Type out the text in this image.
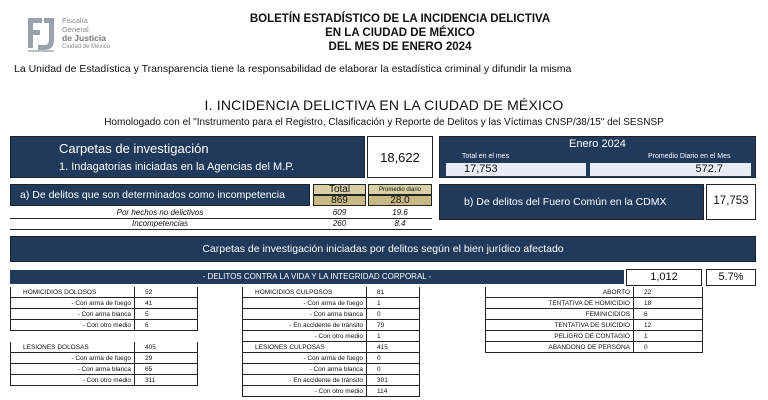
Fiscalía
General
de Justicia
Ciudad de México
BOLETÍN ESTADÍSTICO DE LA INCIDENCIA DELICTIVA
EN LA CIUDAD DE MÉXICO
DEL MES DE ENERO 2024
La Unidad de Estadística y Transparencia tiene la responsabilidad de elaborar la estadística criminal y difundir la misma
I. INCIDENCIA DELICTIVA EN LA CIUDAD DE MÉXICO
Homologado con el "Instrumento para el Registro, Clasificación y Reporte de Delitos y las Víctimas CNSP/38/15" del SESNSP
Carpetas de investigación
1. Indagatorias iniciadas en la Agencias del M.P.
18,622
Enero 2024
Total en el mes	Promedio Diario en el Mes
17,753	572.7
a) De delitos que son determinados como incompetencia	Total	Promedio diario
869	28.0
Por hechos no delictivos	609	19.6
Incompetencias	260	8.4
b) De delitos del Fuero Común en la CDMX	17,753
Carpetas de investigación iniciadas por delitos según el bien jurídico afectado
- DELITOS CONTRA LA VIDA Y LA INTEGRIDAD CORPORAL -	1,012	5.7%
HOMICIDIOS DOLOSOS	52
- Con arma de fuego	41
- Con arma blanca	5
- Con otro medio	6
LESIONES DOLOSAS	405
- Con arma de fuego	29
- Con arma blanca	65
- Con otro medio	311
HOMICIDIOS CULPOSOS	81
- Con arma de fuego	1
- Con arma blanca	0
- En accidente de tránsito	79
- Con otro medio	1
LESIONES CULPOSAS	415
- Con arma de fuego	0
- Con arma blanca	0
- En accidente de tránsito	301
- Con otro medio	114
ABORTO	22
TENTATIVA DE HOMICIDIO	18
FEMINICIDIOS	6
TENTATIVA DE SUICIDIO	12
PELIGRO DE CONTAGIO	1
ABANDONO DE PERSONA	0
